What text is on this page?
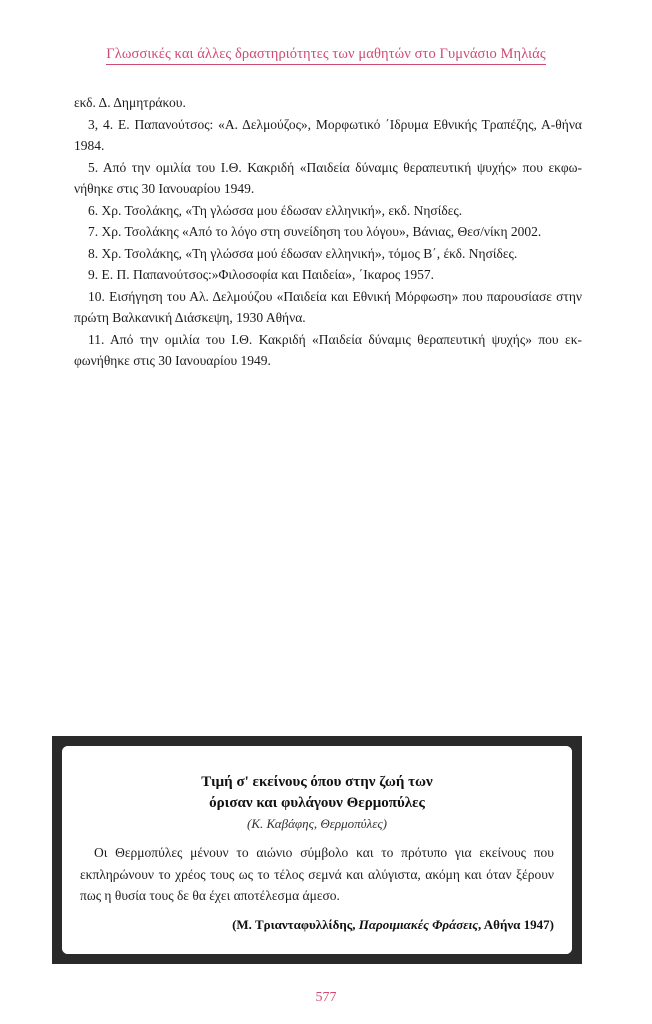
Γλωσσικές και άλλες δραστηριότητες των μαθητών στο Γυμνάσιο Μηλιάς

εκδ. Δ. Δημητράκου.

3, 4. Ε. Παπανούτσος: «Α. Δελμούζος», Μορφωτικό ΄Ιδρυμα Εθνικής Τραπέζης, Α-θήνα 1984.

5. Από την ομιλία του Ι.Θ. Κακριδή «Παιδεία δύναμις θεραπευτική ψυχής» που εκφω-νήθηκε στις 30 Ιανουαρίου 1949.

6. Χρ. Τσολάκης, «Τη γλώσσα μου έδωσαν ελληνική», εκδ. Νησίδες.

7. Χρ. Τσολάκης «Από το λόγο στη συνείδηση του λόγου», Βάνιας, Θεσ/νίκη 2002.

8. Χρ. Τσολάκης, «Τη γλώσσα μού έδωσαν ελληνική», τόμος Β΄, έκδ. Νησίδες.

9. Ε. Π. Παπανούτσος:»Φιλοσοφία και Παιδεία», ΄Ικαρος 1957.

10. Εισήγηση του Αλ. Δελμούζου «Παιδεία και Εθνική Μόρφωση» που παρουσίασε στην πρώτη Βαλκανική Διάσκεψη, 1930 Αθήνα.

11. Από την ομιλία του Ι.Θ. Κακριδή «Παιδεία δύναμις θεραπευτική ψυχής» που εκ-φωνήθηκε στις 30 Ιανουαρίου 1949.

Τιμή σ' εκείνους όπου στην ζωή των
όρισαν και φυλάγουν Θερμοπύλες

(Κ. Καβάφης, Θερμοπύλες)

Οι Θερμοπύλες μένουν το αιώνιο σύμβολο και το πρότυπο για εκείνους που εκπληρώνουν το χρέος τους ως το τέλος σεμνά και αλύγιστα, ακόμη και όταν ξέρουν πως η θυσία τους δε θα έχει αποτέλεσμα άμεσο.

(Μ. Τριανταφυλλίδης, Παροιμιακές Φράσεις, Αθήνα 1947)

577
